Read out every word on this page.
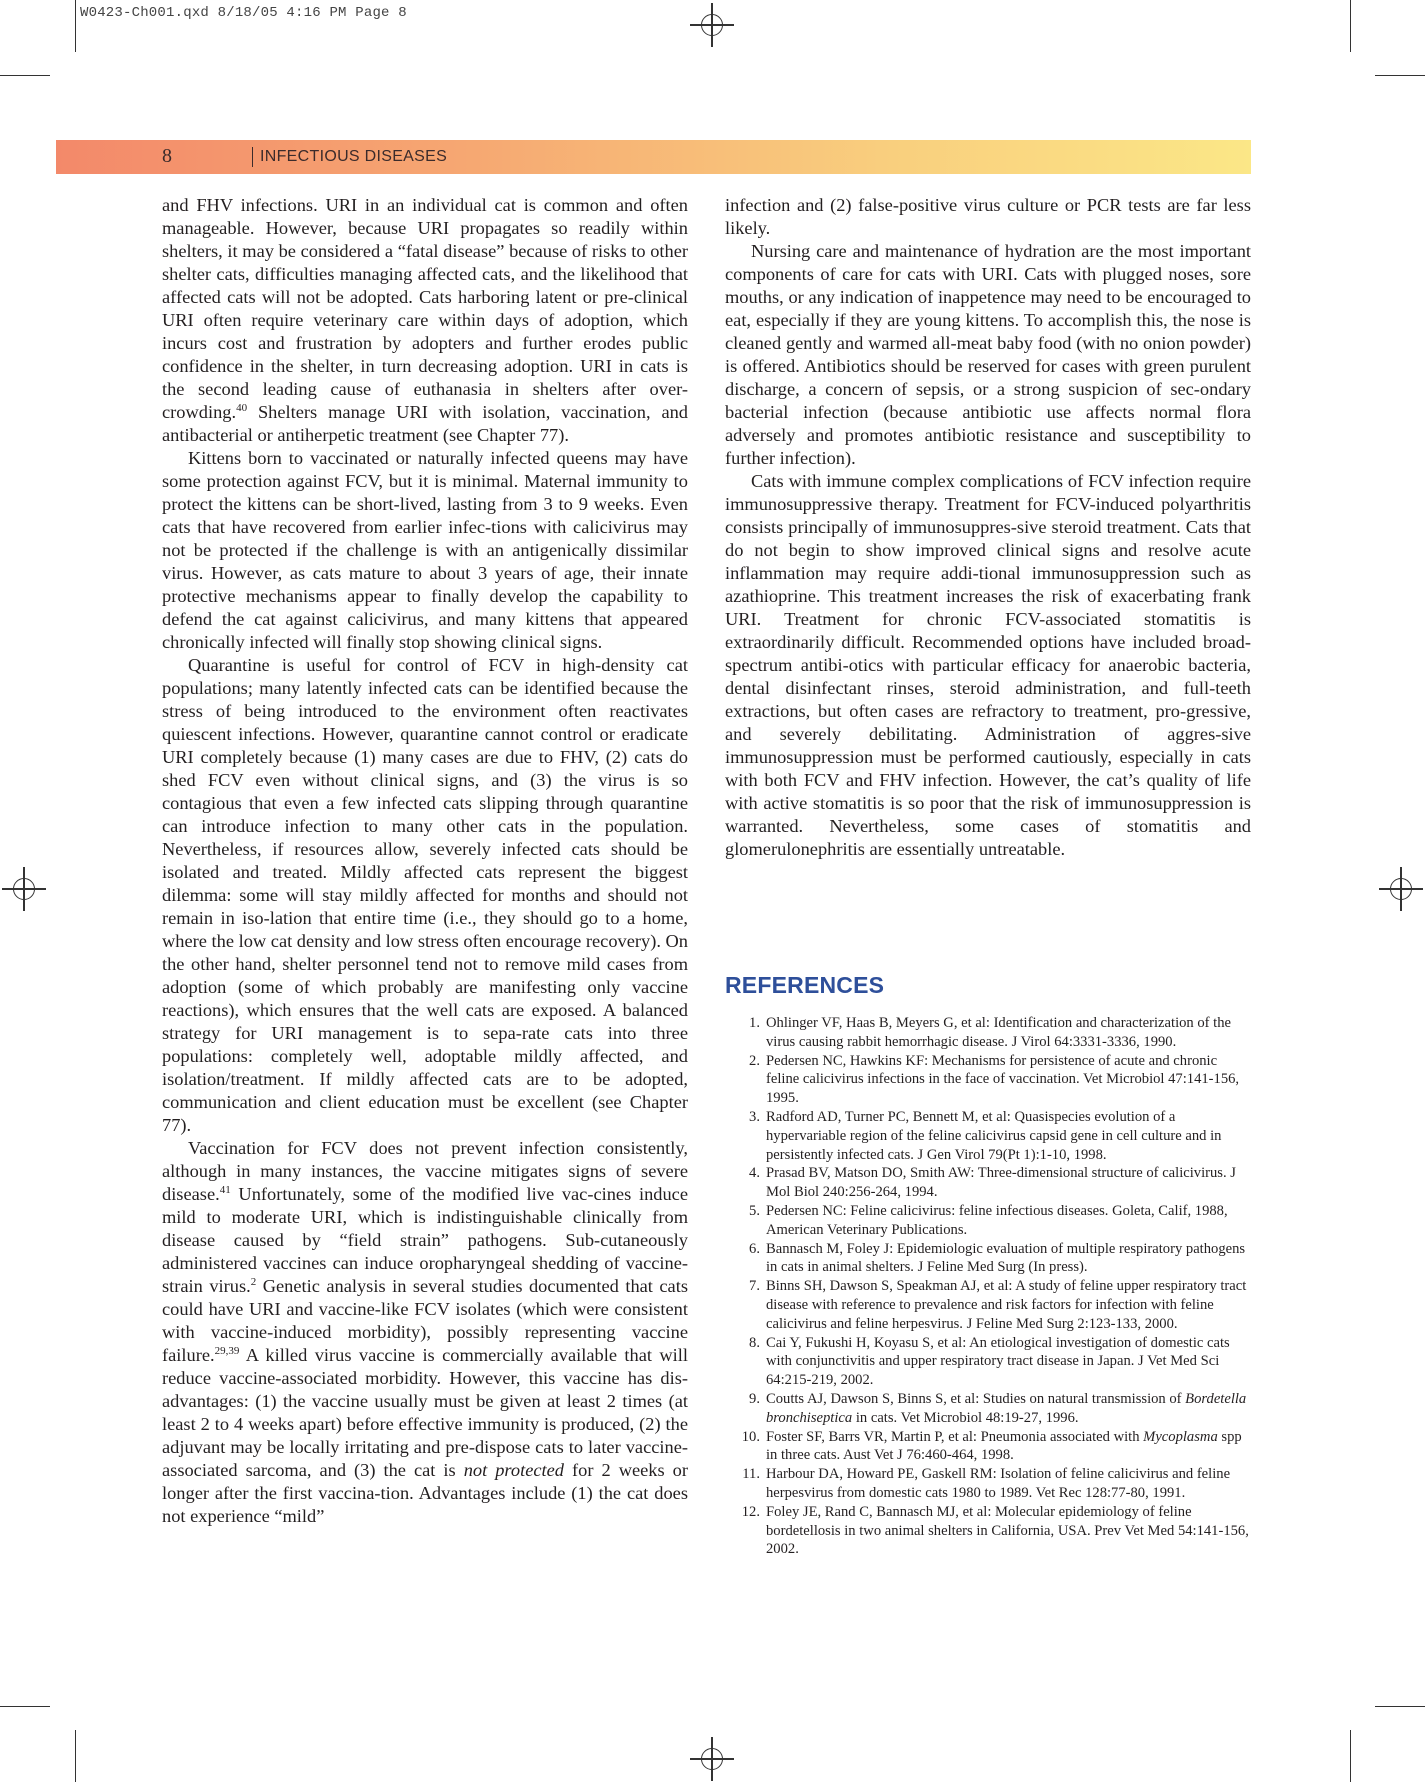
W0423-Ch001.qxd 8/18/05 4:16 PM Page 8
8	INFECTIOUS DISEASES

and FHV infections. URI in an individual cat is common and often manageable. However, because URI propagates so readily within shelters, it may be considered a “fatal disease” because of risks to other shelter cats, difficulties managing affected cats, and the likelihood that affected cats will not be adopted. Cats harboring latent or pre-clinical URI often require veterinary care within days of adoption, which incurs cost and frustration by adopters and further erodes public confidence in the shelter, in turn decreasing adoption. URI in cats is the second leading cause of euthanasia in shelters after over-crowding.$^{40}$ Shelters manage URI with isolation, vaccination, and antibacterial or antiherpetic treatment (see Chapter 77).

Kittens born to vaccinated or naturally infected queens may have some protection against FCV, but it is minimal. Maternal immunity to protect the kittens can be short-lived, lasting from 3 to 9 weeks. Even cats that have recovered from earlier infec-tions with calicivirus may not be protected if the challenge is with an antigenically dissimilar virus. However, as cats mature to about 3 years of age, their innate protective mechanisms appear to finally develop the capability to defend the cat against calicivirus, and many kittens that appeared chronically infected will finally stop showing clinical signs.

Quarantine is useful for control of FCV in high-density cat populations; many latently infected cats can be identified because the stress of being introduced to the environment often reactivates quiescent infections. However, quarantine cannot control or eradicate URI completely because (1) many cases are due to FHV, (2) cats do shed FCV even without clinical signs, and (3) the virus is so contagious that even a few infected cats slipping through quarantine can introduce infection to many other cats in the population. Nevertheless, if resources allow, severely infected cats should be isolated and treated. Mildly affected cats represent the biggest dilemma: some will stay mildly affected for months and should not remain in iso-lation that entire time (i.e., they should go to a home, where the low cat density and low stress often encourage recovery). On the other hand, shelter personnel tend not to remove mild cases from adoption (some of which probably are manifesting only vaccine reactions), which ensures that the well cats are exposed. A balanced strategy for URI management is to sepa-rate cats into three populations: completely well, adoptable mildly affected, and isolation/treatment. If mildly affected cats are to be adopted, communication and client education must be excellent (see Chapter 77).

Vaccination for FCV does not prevent infection consistently, although in many instances, the vaccine mitigates signs of severe disease.$^{41}$ Unfortunately, some of the modified live vac-cines induce mild to moderate URI, which is indistinguishable clinically from disease caused by “field strain” pathogens. Sub-cutaneously administered vaccines can induce oropharyngeal shedding of vaccine-strain virus.$^2$ Genetic analysis in several studies documented that cats could have URI and vaccine-like FCV isolates (which were consistent with vaccine-induced morbidity), possibly representing vaccine failure.$^{29,39}$ A killed virus vaccine is commercially available that will reduce vaccine-associated morbidity. However, this vaccine has dis-advantages: (1) the vaccine usually must be given at least 2 times (at least 2 to 4 weeks apart) before effective immunity is produced, (2) the adjuvant may be locally irritating and pre-dispose cats to later vaccine-associated sarcoma, and (3) the cat is not protected for 2 weeks or longer after the first vaccina-tion. Advantages include (1) the cat does not experience “mild”

infection and (2) false-positive virus culture or PCR tests are far less likely.

Nursing care and maintenance of hydration are the most important components of care for cats with URI. Cats with plugged noses, sore mouths, or any indication of inappetence may need to be encouraged to eat, especially if they are young kittens. To accomplish this, the nose is cleaned gently and warmed all-meat baby food (with no onion powder) is offered. Antibiotics should be reserved for cases with green purulent discharge, a concern of sepsis, or a strong suspicion of sec-ondary bacterial infection (because antibiotic use affects normal flora adversely and promotes antibiotic resistance and susceptibility to further infection).

Cats with immune complex complications of FCV infection require immunosuppressive therapy. Treatment for FCV-induced polyarthritis consists principally of immunosuppres-sive steroid treatment. Cats that do not begin to show improved clinical signs and resolve acute inflammation may require addi-tional immunosuppression such as azathioprine. This treatment increases the risk of exacerbating frank URI. Treatment for chronic FCV-associated stomatitis is extraordinarily difficult. Recommended options have included broad-spectrum antibi-otics with particular efficacy for anaerobic bacteria, dental disinfectant rinses, steroid administration, and full-teeth extractions, but often cases are refractory to treatment, pro-gressive, and severely debilitating. Administration of aggres-sive immunosuppression must be performed cautiously, especially in cats with both FCV and FHV infection. However, the cat’s quality of life with active stomatitis is so poor that the risk of immunosuppression is warranted. Nevertheless, some cases of stomatitis and glomerulonephritis are essentially untreatable.

REFERENCES
1. Ohlinger VF, Haas B, Meyers G, et al: Identification and characterization of the virus causing rabbit hemorrhagic disease. J Virol 64:3331-3336, 1990.
2. Pedersen NC, Hawkins KF: Mechanisms for persistence of acute and chronic feline calicivirus infections in the face of vaccination. Vet Microbiol 47:141-156, 1995.
3. Radford AD, Turner PC, Bennett M, et al: Quasispecies evolution of a hypervariable region of the feline calicivirus capsid gene in cell culture and in persistently infected cats. J Gen Virol 79(Pt 1):1-10, 1998.
4. Prasad BV, Matson DO, Smith AW: Three-dimensional structure of calicivirus. J Mol Biol 240:256-264, 1994.
5. Pedersen NC: Feline calicivirus: feline infectious diseases. Goleta, Calif, 1988, American Veterinary Publications.
6. Bannasch M, Foley J: Epidemiologic evaluation of multiple respiratory pathogens in cats in animal shelters. J Feline Med Surg (In press).
7. Binns SH, Dawson S, Speakman AJ, et al: A study of feline upper respiratory tract disease with reference to prevalence and risk factors for infection with feline calicivirus and feline herpesvirus. J Feline Med Surg 2:123-133, 2000.
8. Cai Y, Fukushi H, Koyasu S, et al: An etiological investigation of domestic cats with conjunctivitis and upper respiratory tract disease in Japan. J Vet Med Sci 64:215-219, 2002.
9. Coutts AJ, Dawson S, Binns S, et al: Studies on natural transmission of Bordetella bronchiseptica in cats. Vet Microbiol 48:19-27, 1996.
10. Foster SF, Barrs VR, Martin P, et al: Pneumonia associated with Mycoplasma spp in three cats. Aust Vet J 76:460-464, 1998.
11. Harbour DA, Howard PE, Gaskell RM: Isolation of feline calicivirus and feline herpesvirus from domestic cats 1980 to 1989. Vet Rec 128:77-80, 1991.
12. Foley JE, Rand C, Bannasch MJ, et al: Molecular epidemiology of feline bordetellosis in two animal shelters in California, USA. Prev Vet Med 54:141-156, 2002.
